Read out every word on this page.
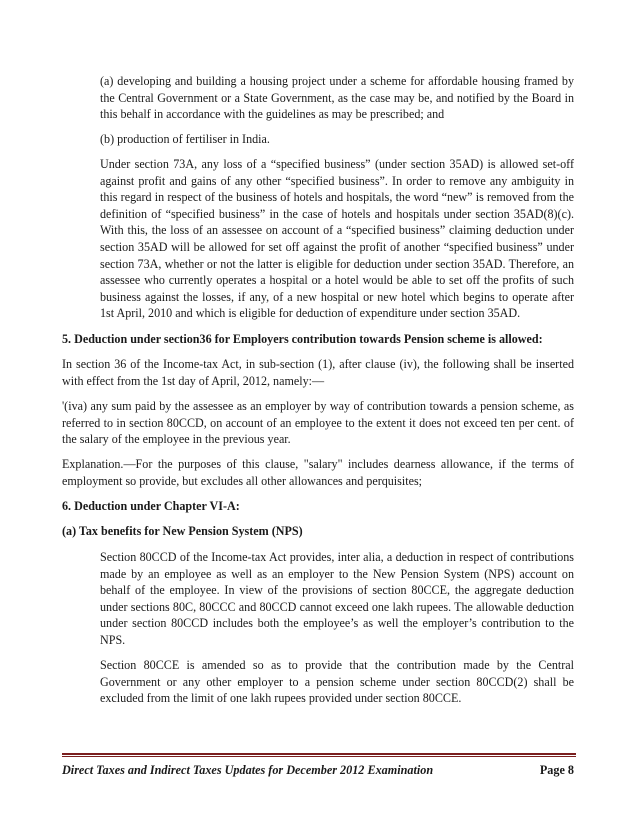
(a) developing and building a housing project under a scheme for affordable housing framed by the Central Government or a State Government, as the case may be, and notified by the Board in this behalf in accordance with the guidelines as may be prescribed; and

(b) production of fertiliser in India.

Under section 73A, any loss of a “specified business” (under section 35AD) is allowed set-off against profit and gains of any other “specified business”. In order to remove any ambiguity in this regard in respect of the business of hotels and hospitals, the word “new” is removed from the definition of “specified business” in the case of hotels and hospitals under section 35AD(8)(c). With this, the loss of an assessee on account of a “specified business” claiming deduction under section 35AD will be allowed for set off against the profit of another “specified business” under section 73A, whether or not the latter is eligible for deduction under section 35AD. Therefore, an assessee who currently operates a hospital or a hotel would be able to set off the profits of such business against the losses, if any, of a new hospital or new hotel which begins to operate after 1st April, 2010 and which is eligible for deduction of expenditure under section 35AD.

5. Deduction under section36 for Employers contribution towards Pension scheme is allowed:

In section 36 of the Income-tax Act, in sub-section (1), after clause (iv), the following shall be inserted with effect from the 1st day of April, 2012, namely:—

'(iva) any sum paid by the assessee as an employer by way of contribution towards a pension scheme, as referred to in section 80CCD, on account of an employee to the extent it does not exceed ten per cent. of the salary of the employee in the previous year.

Explanation.—For the purposes of this clause, "salary" includes dearness allowance, if the terms of employment so provide, but excludes all other allowances and perquisites;

6. Deduction under Chapter VI-A:

(a) Tax benefits for New Pension System (NPS)

Section 80CCD of the Income-tax Act provides, inter alia, a deduction in respect of contributions made by an employee as well as an employer to the New Pension System (NPS) account on behalf of the employee. In view of the provisions of section 80CCE, the aggregate deduction under sections 80C, 80CCC and 80CCD cannot exceed one lakh rupees. The allowable deduction under section 80CCD includes both the employee’s as well the employer’s contribution to the NPS.

Section 80CCE is amended so as to provide that the contribution made by the Central Government or any other employer to a pension scheme under section 80CCD(2) shall be excluded from the limit of one lakh rupees provided under section 80CCE.

Direct Taxes and Indirect Taxes Updates for December 2012 Examination	Page 8
